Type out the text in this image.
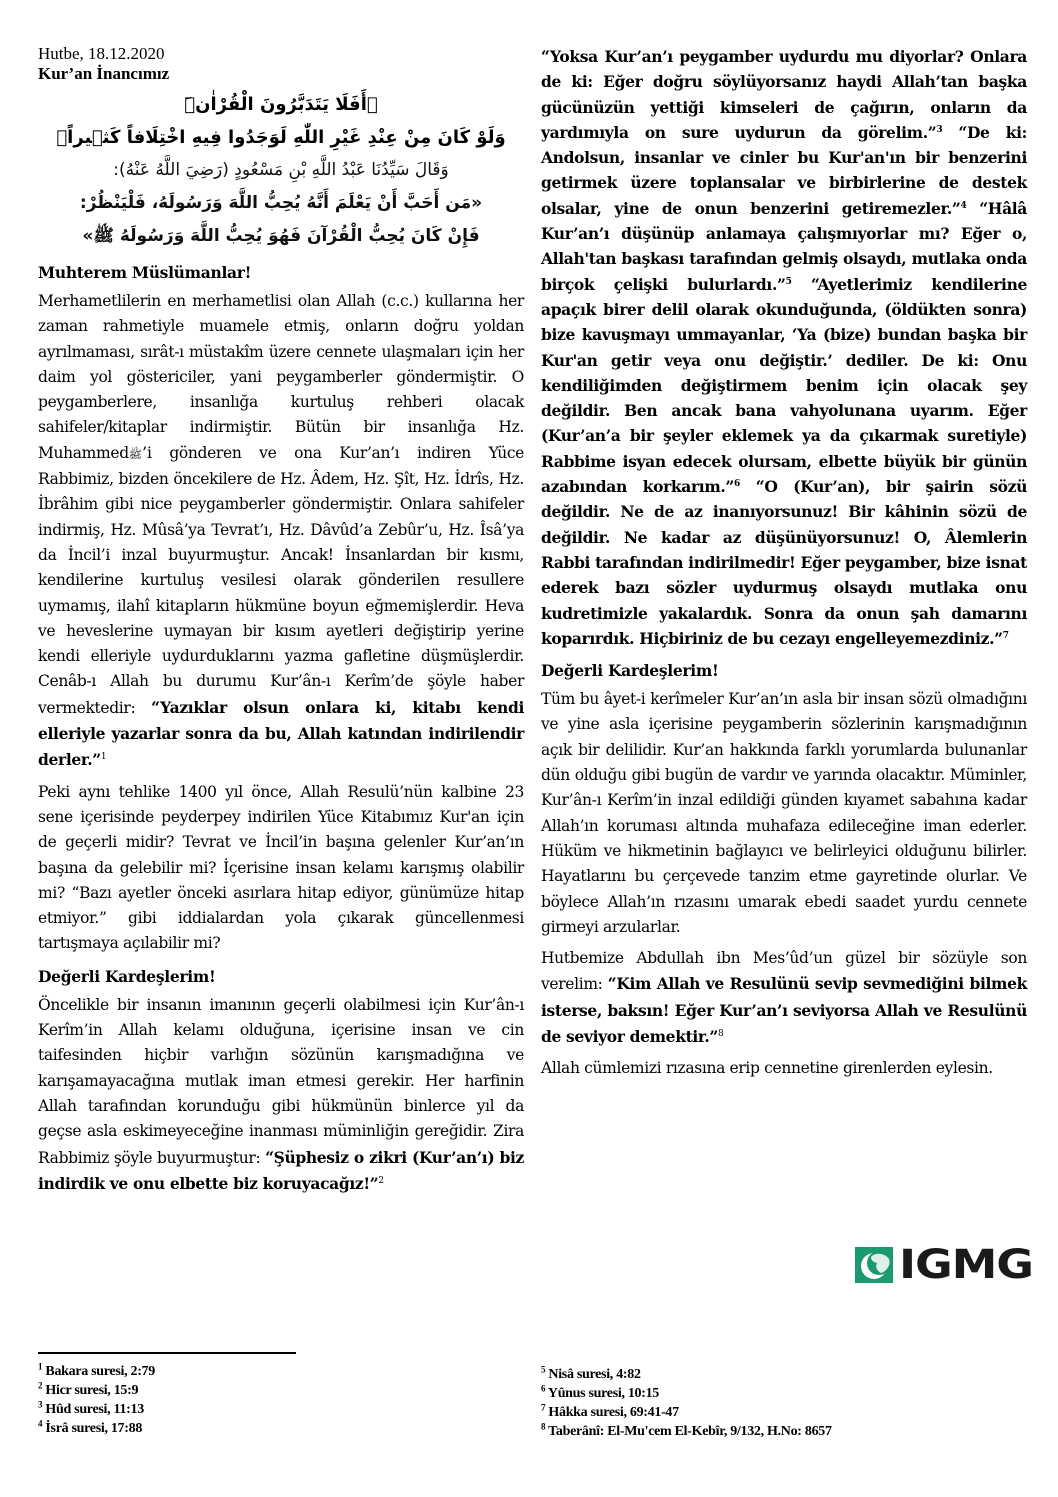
Hutbe, 18.12.2020
Kur’an İnancımız
﴿أَفَلَا يَتَدَبَّرُونَ الْقُرْاٰنَۜ
وَلَوْ كَانَ مِنْ عِنْدِ غَيْرِ اللّٰهِ لَوَجَدُوا فِيهِ اخْتِلَافاً كَث۪يراً﴾
وَقَالَ سَيِّدُنَا عَبْدُ اللَّهِ بْنِ مَسْعُودٍ (رَضِيَ اللَّهُ عَنْهُ):
«مَن أَحَبَّ أَنْ يَعْلَمَ أَنَّهُ يُحِبُّ اللَّهَ وَرَسُولَهُ، فَلْيَنْظُرْ:
فَإِنْ كَانَ يُحِبُّ الْقُرْآنَ فَهُوَ يُحِبُّ اللَّهَ وَرَسُولَهُ ﷺ»
Muhterem Müslümanlar!

Merhametlilerin en merhametlisi olan Allah (c.c.) kullarına her zaman rahmetiyle muamele etmiş, onların doğru yoldan ayrılmaması, sırât-ı müstakîm üzere cennete ulaşmaları için her daim yol göstericiler, yani peygamberler göndermiştir. O peygamberlere, insanlığa kurtuluş rehberi olacak sahifeler/kitaplar indirmiştir. Bütün bir insanlığa Hz. Muhammedﷺ’i gönderen ve ona Kur’an’ı indiren Yüce Rabbimiz, bizden öncekilere de Hz. Âdem, Hz. Şît, Hz. İdrîs, Hz. İbrâhim gibi nice peygamberler göndermiştir. Onlara sahifeler indirmiş, Hz. Mûsâ’ya Tevrat’ı, Hz. Dâvûd’a Zebûr’u, Hz. Îsâ’ya da İncil’i inzal buyurmuştur. Ancak! İnsanlardan bir kısmı, kendilerine kurtuluş vesilesi olarak gönderilen resullere uymamış, ilahî kitapların hükmüne boyun eğmemişlerdir. Heva ve heveslerine uymayan bir kısım ayetleri değiştirip yerine kendi elleriyle uydurduklarını yazma gafletine düşmüşlerdir. Cenâb-ı Allah bu durumu Kur’ân-ı Kerîm’de şöyle haber vermektedir: “Yazıklar olsun onlara ki, kitabı kendi elleriyle yazarlar sonra da bu, Allah katından indirilendir derler.”$^1$

Peki aynı tehlike 1400 yıl önce, Allah Resulü’nün kalbine 23 sene içerisinde peyderpey indirilen Yüce Kitabımız Kur'an için de geçerli midir? Tevrat ve İncil’in başına gelenler Kur’an’ın başına da gelebilir mi? İçerisine insan kelamı karışmış olabilir mi? “Bazı ayetler önceki asırlara hitap ediyor, günümüze hitap etmiyor.” gibi iddialardan yola çıkarak güncellenmesi tartışmaya açılabilir mi?

Değerli Kardeşlerim!

Öncelikle bir insanın imanının geçerli olabilmesi için Kur’ân-ı Kerîm’in Allah kelamı olduğuna, içerisine insan ve cin taifesinden hiçbir varlığın sözünün karışmadığına ve karışamayacağına mutlak iman etmesi gerekir. Her harfinin Allah tarafından korunduğu gibi hükmünün binlerce yıl da geçse asla eskimeyeceğine inanması müminliğin gereğidir. Zira Rabbimiz şöyle buyurmuştur: “Şüphesiz o zikri (Kur’an’ı) biz indirdik ve onu elbette biz koruyacağız!”$^2$

“Yoksa Kur’an’ı peygamber uydurdu mu diyorlar? Onlara de ki: Eğer doğru söylüyorsanız haydi Allah’tan başka gücünüzün yettiği kimseleri de çağırın, onların da yardımıyla on sure uydurun da görelim.”$^3$ “De ki: Andolsun, insanlar ve cinler bu Kur'an'ın bir benzerini getirmek üzere toplansalar ve birbirlerine de destek olsalar, yine de onun benzerini getiremezler.”$^4$ “Hâlâ Kur’an’ı düşünüp anlamaya çalışmıyorlar mı? Eğer o, Allah'tan başkası tarafından gelmiş olsaydı, mutlaka onda birçok çelişki bulurlardı.”$^5$ “Ayetlerimiz kendilerine apaçık birer delil olarak okunduğunda, (öldükten sonra) bize kavuşmayı ummayanlar, ‘Ya (bize) bundan başka bir Kur'an getir veya onu değiştir.’ dediler. De ki: Onu kendiliğimden değiştirmem benim için olacak şey değildir. Ben ancak bana vahyolunana uyarım. Eğer (Kur’an’a bir şeyler eklemek ya da çıkarmak suretiyle) Rabbime isyan edecek olursam, elbette büyük bir günün azabından korkarım.”$^6$ “O (Kur’an), bir şairin sözü değildir. Ne de az inanıyorsunuz! Bir kâhinin sözü de değildir. Ne kadar az düşünüyorsunuz! O, Âlemlerin Rabbi tarafından indirilmedir! Eğer peygamber, bize isnat ederek bazı sözler uydurmuş olsaydı mutlaka onu kudretimizle yakalardık. Sonra da onun şah damarını koparırdık. Hiçbiriniz de bu cezayı engelleyemezdiniz.”$^7$

Değerli Kardeşlerim!

Tüm bu âyet-i kerîmeler Kur’an’ın asla bir insan sözü olmadığını ve yine asla içerisine peygamberin sözlerinin karışmadığının açık bir delilidir. Kur’an hakkında farklı yorumlarda bulunanlar dün olduğu gibi bugün de vardır ve yarında olacaktır. Müminler, Kur’ân-ı Kerîm’in inzal edildiği günden kıyamet sabahına kadar Allah’ın koruması altında muhafaza edileceğine iman ederler. Hüküm ve hikmetinin bağlayıcı ve belirleyici olduğunu bilirler. Hayatlarını bu çerçevede tanzim etme gayretinde olurlar. Ve böylece Allah’ın rızasını umarak ebedi saadet yurdu cennete girmeyi arzularlar.

Hutbemize Abdullah ibn Mes’ûd’un güzel bir sözüyle son verelim: “Kim Allah ve Resulünü sevip sevmediğini bilmek isterse, baksın! Eğer Kur’an’ı seviyorsa Allah ve Resulünü de seviyor demektir.”$^8$

Allah cümlemizi rızasına erip cennetine girenlerden eylesin.

IGMG
$^1$ Bakara suresi, 2:79
$^2$ Hicr suresi, 15:9
$^3$ Hûd suresi, 11:13
$^4$ İsrâ suresi, 17:88
$^5$ Nisâ suresi, 4:82
$^6$ Yûnus suresi, 10:15
$^7$ Hâkka suresi, 69:41-47
$^8$ Taberânî: El-Mu'cem El-Kebîr, 9/132, H.No: 8657
